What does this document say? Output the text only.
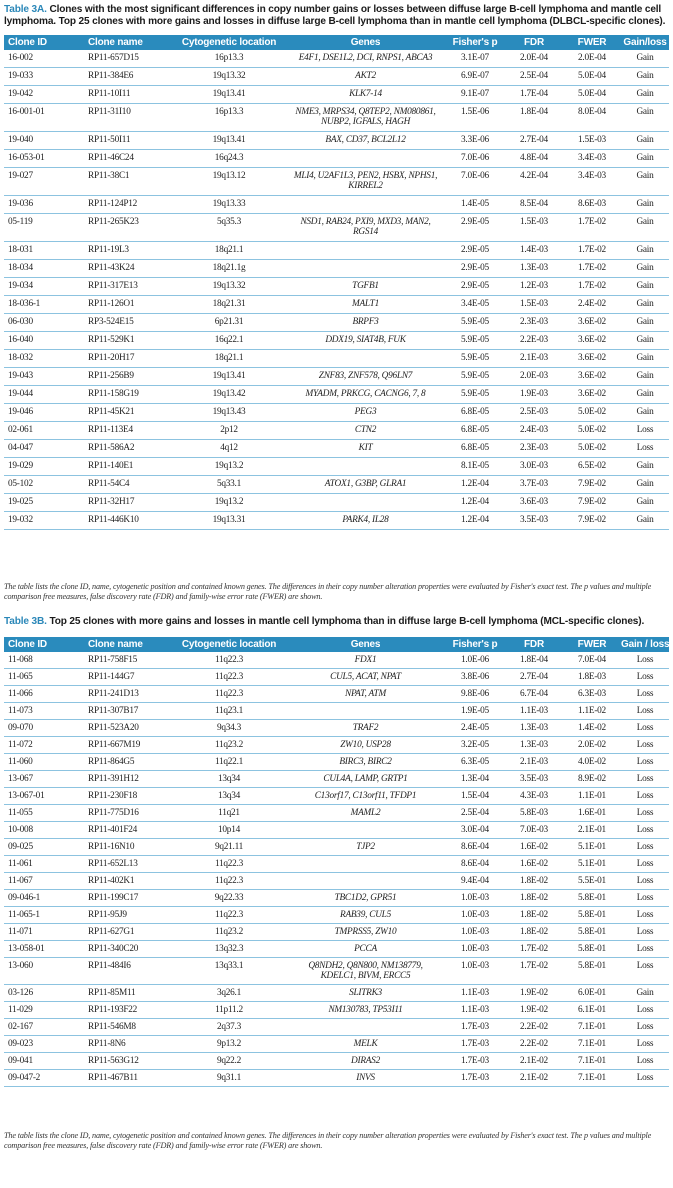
Table 3A. Clones with the most significant differences in copy number gains or losses between diffuse large B-cell lymphoma and mantle cell lymphoma. Top 25 clones with more gains and losses in diffuse large B-cell lymphoma than in mantle cell lymphoma (DLBCL-specific clones).
Clone ID	Clone name	Cytogenetic location	Genes	Fisher's p	FDR	FWER	Gain/loss
16-002	RP11-657D15	16p13.3	E4F1, DSE1L2, DCI, RNPS1, ABCA3	3.1E-07	2.0E-04	2.0E-04	Gain
19-033	RP11-384E6	19q13.32	AKT2	6.9E-07	2.5E-04	5.0E-04	Gain
19-042	RP11-10I11	19q13.41	KLK7-14	9.1E-07	1.7E-04	5.0E-04	Gain
16-001-01	RP11-31I10	16p13.3	NME3, MRPS34, Q8TEP2, NM080861, NUBP2, IGFALS, HAGH	1.5E-06	1.8E-04	8.0E-04	Gain
19-040	RP11-50I11	19q13.41	BAX, CD37, BCL2L12	3.3E-06	2.7E-04	1.5E-03	Gain
16-053-01	RP11-46C24	16q24.3		7.0E-06	4.8E-04	3.4E-03	Gain
19-027	RP11-38C1	19q13.12	MLI4, U2AF1L3, PEN2, HSBX, NPHS1, KIRREL2	7.0E-06	4.2E-04	3.4E-03	Gain
19-036	RP11-124P12	19q13.33		1.4E-05	8.5E-04	8.6E-03	Gain
05-119	RP11-265K23	5q35.3	NSD1, RAB24, PXI9, MXD3, MAN2, RGS14	2.9E-05	1.5E-03	1.7E-02	Gain
18-031	RP11-19L3	18q21.1		2.9E-05	1.4E-03	1.7E-02	Gain
18-034	RP11-43K24	18q21.1g		2.9E-05	1.3E-03	1.7E-02	Gain
19-034	RP11-317E13	19q13.32	TGFB1	2.9E-05	1.2E-03	1.7E-02	Gain
18-036-1	RP11-126O1	18q21.31	MALT1	3.4E-05	1.5E-03	2.4E-02	Gain
06-030	RP3-524E15	6p21.31	BRPF3	5.9E-05	2.3E-03	3.6E-02	Gain
16-040	RP11-529K1	16q22.1	DDX19, SIAT4B, FUK	5.9E-05	2.2E-03	3.6E-02	Gain
18-032	RP11-20H17	18q21.1		5.9E-05	2.1E-03	3.6E-02	Gain
19-043	RP11-256B9	19q13.41	ZNF83, ZNF578, Q96LN7	5.9E-05	2.0E-03	3.6E-02	Gain
19-044	RP11-158G19	19q13.42	MYADM, PRKCG, CACNG6, 7, 8	5.9E-05	1.9E-03	3.6E-02	Gain
19-046	RP11-45K21	19q13.43	PEG3	6.8E-05	2.5E-03	5.0E-02	Gain
02-061	RP11-113E4	2p12	CTN2	6.8E-05	2.4E-03	5.0E-02	Loss
04-047	RP11-586A2	4q12	KIT	6.8E-05	2.3E-03	5.0E-02	Loss
19-029	RP11-140E1	19q13.2		8.1E-05	3.0E-03	6.5E-02	Gain
05-102	RP11-54C4	5q33.1	ATOX1, G3BP, GLRA1	1.2E-04	3.7E-03	7.9E-02	Gain
19-025	RP11-32H17	19q13.2		1.2E-04	3.6E-03	7.9E-02	Gain
19-032	RP11-446K10	19q13.31	PARK4, IL28	1.2E-04	3.5E-03	7.9E-02	Gain
The table lists the clone ID, name, cytogenetic position and contained known genes. The differences in their copy number alteration properties were evaluated by Fisher's exact test. The p values and multiple comparison free measures, false discovery rate (FDR) and family-wise error rate (FWER) are shown.
Table 3B. Top 25 clones with more gains and losses in mantle cell lymphoma than in diffuse large B-cell lymphoma (MCL-specific clones).
Clone ID	Clone name	Cytogenetic location	Genes	Fisher's p	FDR	FWER	Gain / loss
11-068	RP11-758F15	11q22.3	FDX1	1.0E-06	1.8E-04	7.0E-04	Loss
11-065	RP11-144G7	11q22.3	CUL5, ACAT, NPAT	3.8E-06	2.7E-04	1.8E-03	Loss
11-066	RP11-241D13	11q22.3	NPAT, ATM	9.8E-06	6.7E-04	6.3E-03	Loss
11-073	RP11-307B17	11q23.1		1.9E-05	1.1E-03	1.1E-02	Loss
09-070	RP11-523A20	9q34.3	TRAF2	2.4E-05	1.3E-03	1.4E-02	Loss
11-072	RP11-667M19	11q23.2	ZW10, USP28	3.2E-05	1.3E-03	2.0E-02	Loss
11-060	RP11-864G5	11q22.1	BIRC3, BIRC2	6.3E-05	2.1E-03	4.0E-02	Loss
13-067	RP11-391H12	13q34	CUL4A, LAMP, GRTP1	1.3E-04	3.5E-03	8.9E-02	Loss
13-067-01	RP11-230F18	13q34	C13orf17, C13orf11, TFDP1	1.5E-04	4.3E-03	1.1E-01	Loss
11-055	RP11-775D16	11q21	MAML2	2.5E-04	5.8E-03	1.6E-01	Loss
10-008	RP11-401F24	10p14		3.0E-04	7.0E-03	2.1E-01	Loss
09-025	RP11-16N10	9q21.11	TJP2	8.6E-04	1.6E-02	5.1E-01	Loss
11-061	RP11-652L13	11q22.3		8.6E-04	1.6E-02	5.1E-01	Loss
11-067	RP11-402K1	11q22.3		9.4E-04	1.8E-02	5.5E-01	Loss
09-046-1	RP11-199C17	9q22.33	TBC1D2, GPR51	1.0E-03	1.8E-02	5.8E-01	Loss
11-065-1	RP11-95J9	11q22.3	RAB39, CUL5	1.0E-03	1.8E-02	5.8E-01	Loss
11-071	RP11-627G1	11q23.2	TMPRSS5, ZW10	1.0E-03	1.8E-02	5.8E-01	Loss
13-058-01	RP11-340C20	13q32.3	PCCA	1.0E-03	1.7E-02	5.8E-01	Loss
13-060	RP11-484I6	13q33.1	Q8NDH2, Q8N800, NM138779, KDELC1, BIVM, ERCC5	1.0E-03	1.7E-02	5.8E-01	Loss
03-126	RP11-85M11	3q26.1	SLITRK3	1.1E-03	1.9E-02	6.0E-01	Gain
11-029	RP11-193F22	11p11.2	NM130783, TP53I11	1.1E-03	1.9E-02	6.1E-01	Loss
02-167	RP11-546M8	2q37.3		1.7E-03	2.2E-02	7.1E-01	Loss
09-023	RP11-8N6	9p13.2	MELK	1.7E-03	2.2E-02	7.1E-01	Loss
09-041	RP11-563G12	9q22.2	DIRAS2	1.7E-03	2.1E-02	7.1E-01	Loss
09-047-2	RP11-467B11	9q31.1	INVS	1.7E-03	2.1E-02	7.1E-01	Loss
The table lists the clone ID, name, cytogenetic position and contained known genes. The differences in their copy number alteration properties were evaluated by Fisher's exact test. The p values and multiple comparison free measures, false discovery rate (FDR) and family-wise error rate (FWER) are shown.
